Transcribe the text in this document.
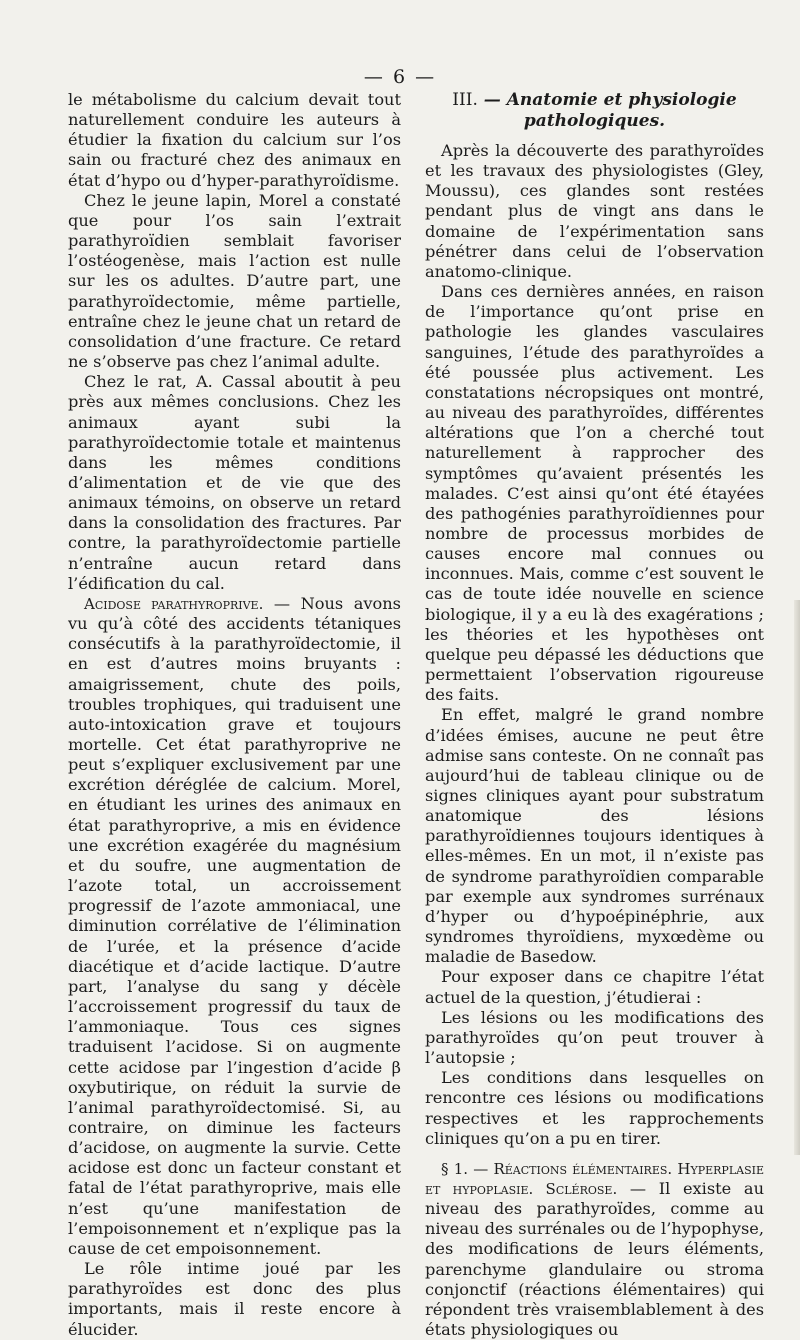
— 6 —

le métabolisme du calcium devait tout naturellement conduire les auteurs à étudier la fixation du calcium sur l’os sain ou fracturé chez des animaux en état d’hypo ou d’hyper-parathyroïdisme.

Chez le jeune lapin, Morel a constaté que pour l’os sain l’extrait parathyroïdien semblait favoriser l’ostéogenèse, mais l’action est nulle sur les os adultes. D’autre part, une parathyroïdectomie, même partielle, entraîne chez le jeune chat un retard de consolidation d’une fracture. Ce retard ne s’observe pas chez l’animal adulte.

Chez le rat, A. Cassal aboutit à peu près aux mêmes conclusions. Chez les animaux ayant subi la parathyroïdectomie totale et maintenus dans les mêmes conditions d’alimentation et de vie que des animaux témoins, on observe un retard dans la consolidation des fractures. Par contre, la parathyroïdectomie partielle n’entraîne aucun retard dans l’édification du cal.

Acidose parathyroprive. — Nous avons vu qu’à côté des accidents tétaniques consécutifs à la parathyroïdectomie, il en est d’autres moins bruyants : amaigrissement, chute des poils, troubles trophiques, qui traduisent une auto-intoxication grave et toujours mortelle. Cet état parathyroprive ne peut s’expliquer exclusivement par une excrétion déréglée de calcium. Morel, en étudiant les urines des animaux en état parathyroprive, a mis en évidence une excrétion exagérée du magnésium et du soufre, une augmentation de l’azote total, un accroissement progressif de l’azote ammoniacal, une diminution corrélative de l’élimination de l’urée, et la présence d’acide diacétique et d’acide lactique. D’autre part, l’analyse du sang y décèle l’accroissement progressif du taux de l’ammoniaque. Tous ces signes traduisent l’acidose. Si on augmente cette acidose par l’ingestion d’acide β oxybutirique, on réduit la survie de l’animal parathyroïdectomisé. Si, au contraire, on diminue les facteurs d’acidose, on augmente la survie. Cette acidose est donc un facteur constant et fatal de l’état parathyroprive, mais elle n’est qu’une manifestation de l’empoisonnement et n’explique pas la cause de cet empoisonnement.

Le rôle intime joué par les parathyroïdes est donc des plus importants, mais il reste encore à élucider.

III. — Anatomie et physiologie pathologiques.

Après la découverte des parathyroïdes et les travaux des physiologistes (Gley, Moussu), ces glandes sont restées pendant plus de vingt ans dans le domaine de l’expérimentation sans pénétrer dans celui de l’observation anatomo-clinique.

Dans ces dernières années, en raison de l’importance qu’ont prise en pathologie les glandes vasculaires sanguines, l’étude des parathyroïdes a été poussée plus activement. Les constatations nécropsiques ont montré, au niveau des parathyroïdes, différentes altérations que l’on a cherché tout naturellement à rapprocher des symptômes qu’avaient présentés les malades. C’est ainsi qu’ont été étayées des pathogénies parathyroïdiennes pour nombre de processus morbides de causes encore mal connues ou inconnues. Mais, comme c’est souvent le cas de toute idée nouvelle en science biologique, il y a eu là des exagérations ; les théories et les hypothèses ont quelque peu dépassé les déductions que permettaient l’observation rigoureuse des faits.

En effet, malgré le grand nombre d’idées émises, aucune ne peut être admise sans conteste. On ne connaît pas aujourd’hui de tableau clinique ou de signes cliniques ayant pour substratum anatomique des lésions parathyroïdiennes toujours identiques à elles-mêmes. En un mot, il n’existe pas de syndrome parathyroïdien comparable par exemple aux syndromes surrénaux d’hyper ou d’hypoépinéphrie, aux syndromes thyroïdiens, myxœdème ou maladie de Basedow.

Pour exposer dans ce chapitre l’état actuel de la question, j’étudierai :

Les lésions ou les modifications des parathyroïdes qu’on peut trouver à l’autopsie ;

Les conditions dans lesquelles on rencontre ces lésions ou modifications respectives et les rapprochements cliniques qu’on a pu en tirer.

§ 1. — Réactions élémentaires. Hyperplasie et hypoplasie. Sclérose. — Il existe au niveau des parathyroïdes, comme au niveau des surrénales ou de l’hypophyse, des modifications de leurs éléments, parenchyme glandulaire ou stroma conjonctif (réactions élémentaires) qui répondent très vraisemblablement à des états physiologiques ou
